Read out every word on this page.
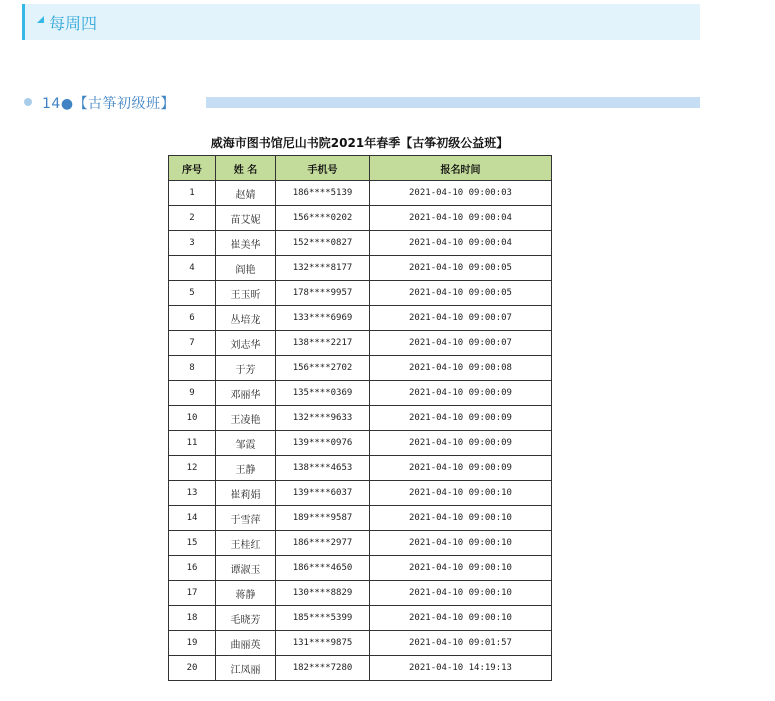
每周四
14●【古筝初级班】
威海市图书馆尼山书院2021年春季【古筝初级公益班】
序号	姓 名	手机号	报名时间
1	赵婧	186****5139	2021-04-10 09:00:03
2	苗艾妮	156****0202	2021-04-10 09:00:04
3	崔美华	152****0827	2021-04-10 09:00:04
4	阎艳	132****8177	2021-04-10 09:00:05
5	王玉昕	178****9957	2021-04-10 09:00:05
6	丛培龙	133****6969	2021-04-10 09:00:07
7	刘志华	138****2217	2021-04-10 09:00:07
8	于芳	156****2702	2021-04-10 09:00:08
9	邓丽华	135****0369	2021-04-10 09:00:09
10	王凌艳	132****9633	2021-04-10 09:00:09
11	邹霞	139****0976	2021-04-10 09:00:09
12	王静	138****4653	2021-04-10 09:00:09
13	崔莉娟	139****6037	2021-04-10 09:00:10
14	于雪萍	189****9587	2021-04-10 09:00:10
15	王桂红	186****2977	2021-04-10 09:00:10
16	谭淑玉	186****4650	2021-04-10 09:00:10
17	蒋静	130****8829	2021-04-10 09:00:10
18	毛晓芳	185****5399	2021-04-10 09:00:10
19	曲丽英	131****9875	2021-04-10 09:01:57
20	江凤丽	182****7280	2021-04-10 14:19:13
